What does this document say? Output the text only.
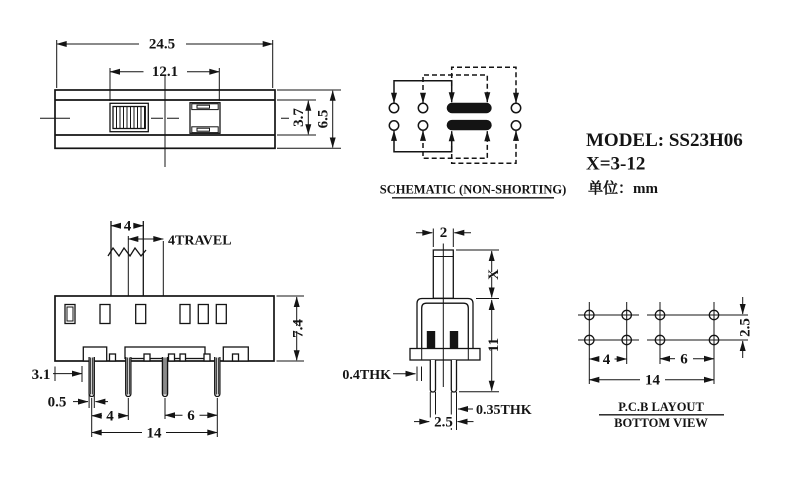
24.5
12.1
3.7 6.5
SCHEMATIC (NON-SHORTING)
MODEL: SS23H06
X=3-12
单位：mm
4
4TRAVEL
7.4
3.1
0.5
4	6
14
2
X
11
0.4THK
0.35THK
2.5
4	6
14
2.5
P.C.B LAYOUT
BOTTOM VIEW
